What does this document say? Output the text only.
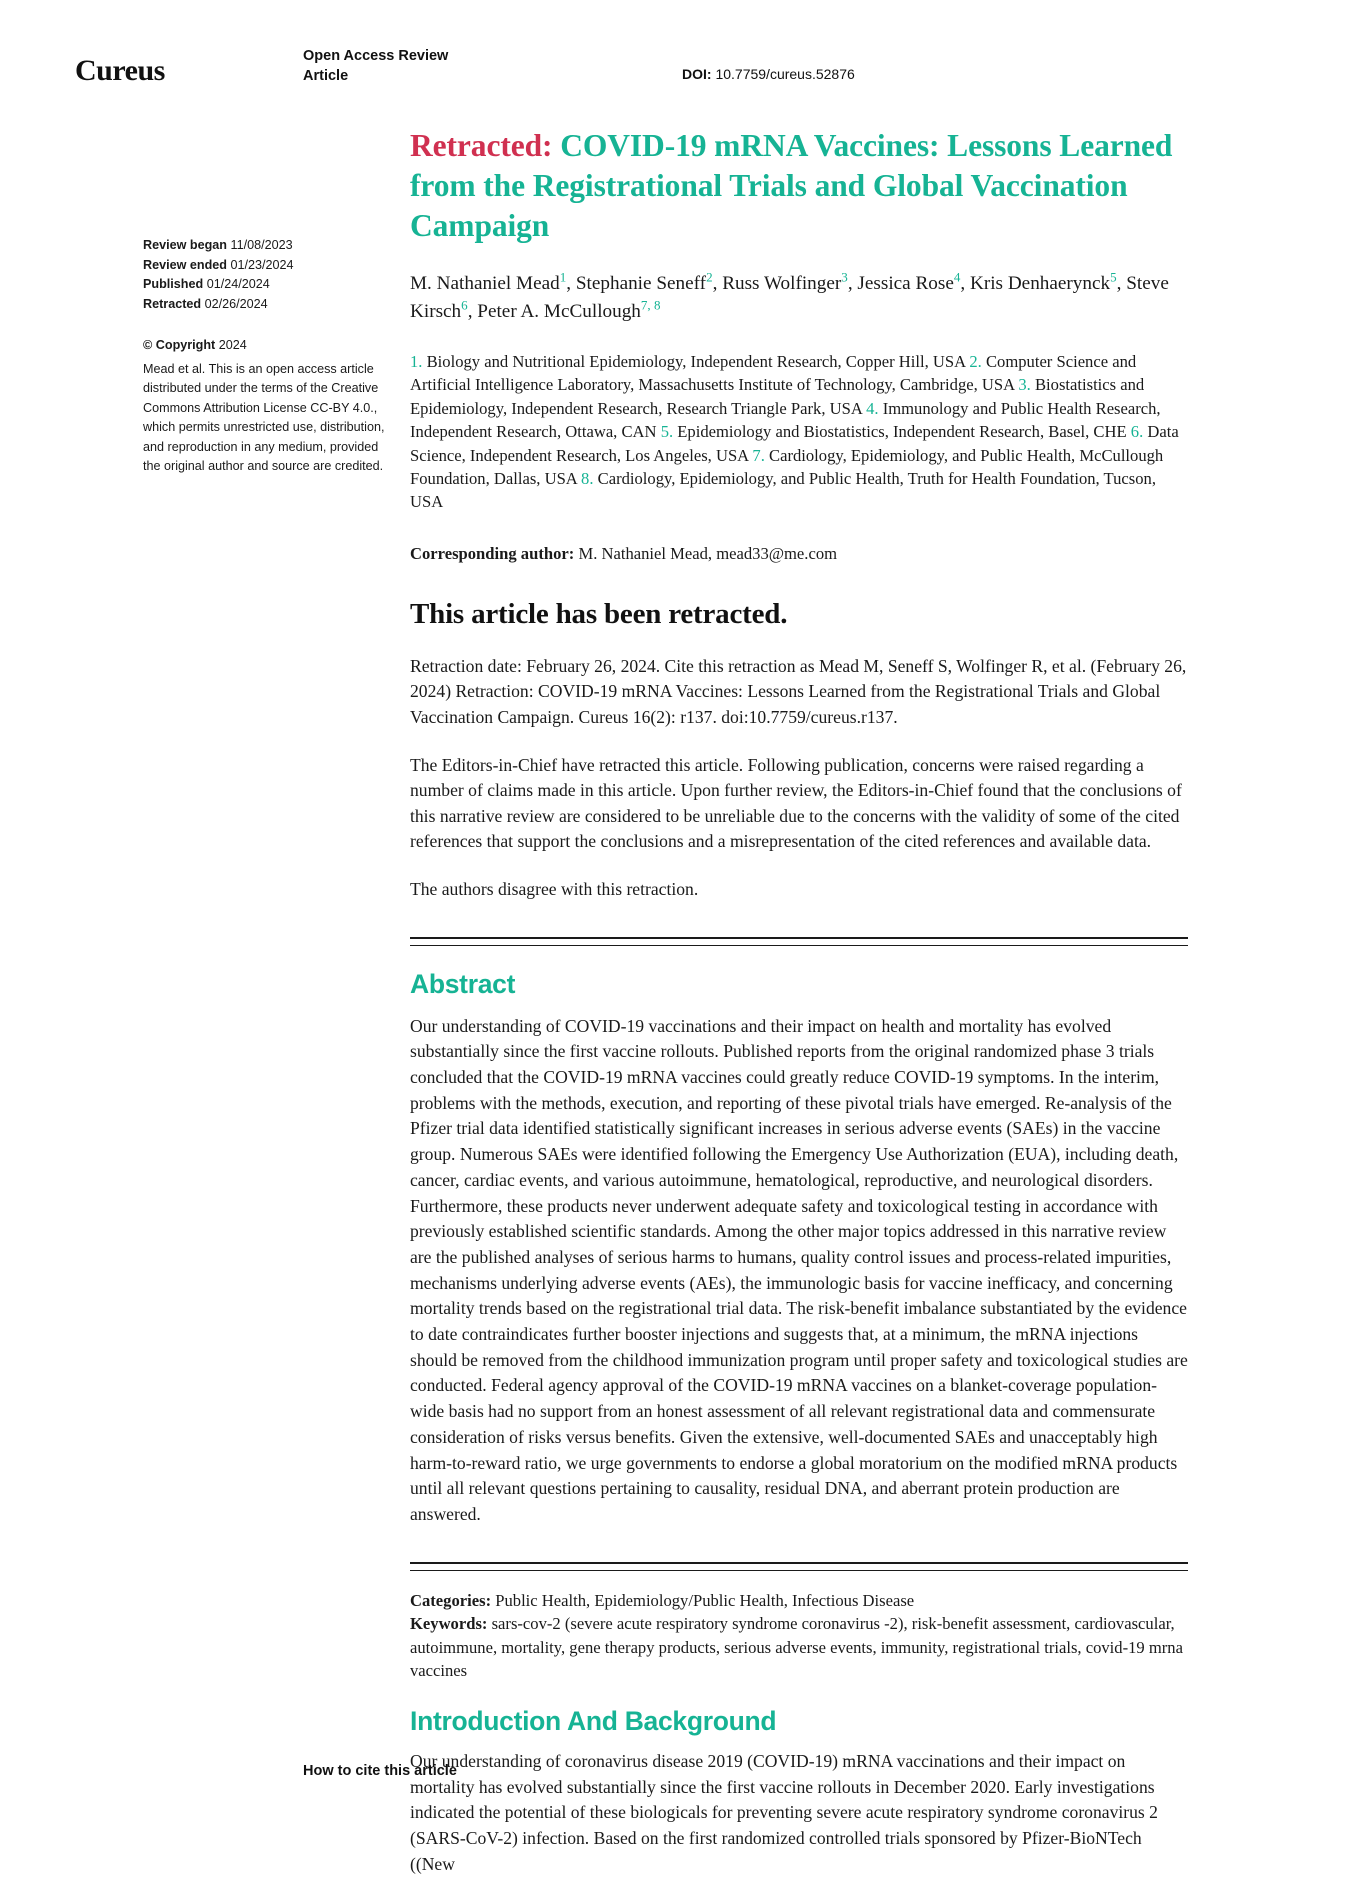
Cureus	Open Access Review Article	DOI: 10.7759/cureus.52876
Review began 11/08/2023
Review ended 01/23/2024
Published 01/24/2024
Retracted 02/26/2024
© Copyright 2024

Mead et al. This is an open access article distributed under the terms of the Creative Commons Attribution License CC-BY 4.0., which permits unrestricted use, distribution, and reproduction in any medium, provided the original author and source are credited.

Retracted: COVID-19 mRNA Vaccines: Lessons Learned from the Registrational Trials and Global Vaccination Campaign
M. Nathaniel Mead$^1$, Stephanie Seneff$^2$, Russ Wolfinger$^3$, Jessica Rose$^4$, Kris Denhaerynck$^5$, Steve Kirsch$^6$, Peter A. McCullough$^{7, 8}$
1. Biology and Nutritional Epidemiology, Independent Research, Copper Hill, USA 2. Computer Science and Artificial Intelligence Laboratory, Massachusetts Institute of Technology, Cambridge, USA 3. Biostatistics and Epidemiology, Independent Research, Research Triangle Park, USA 4. Immunology and Public Health Research, Independent Research, Ottawa, CAN 5. Epidemiology and Biostatistics, Independent Research, Basel, CHE 6. Data Science, Independent Research, Los Angeles, USA 7. Cardiology, Epidemiology, and Public Health, McCullough Foundation, Dallas, USA 8. Cardiology, Epidemiology, and Public Health, Truth for Health Foundation, Tucson, USA
Corresponding author: M. Nathaniel Mead, mead33@me.com
This article has been retracted.

Retraction date: February 26, 2024. Cite this retraction as Mead M, Seneff S, Wolfinger R, et al. (February 26, 2024) Retraction: COVID-19 mRNA Vaccines: Lessons Learned from the Registrational Trials and Global Vaccination Campaign. Cureus 16(2): r137. doi:10.7759/cureus.r137.

The Editors-in-Chief have retracted this article. Following publication, concerns were raised regarding a number of claims made in this article. Upon further review, the Editors-in-Chief found that the conclusions of this narrative review are considered to be unreliable due to the concerns with the validity of some of the cited references that support the conclusions and a misrepresentation of the cited references and available data.

The authors disagree with this retraction.

Abstract

Our understanding of COVID-19 vaccinations and their impact on health and mortality has evolved substantially since the first vaccine rollouts. Published reports from the original randomized phase 3 trials concluded that the COVID-19 mRNA vaccines could greatly reduce COVID-19 symptoms. In the interim, problems with the methods, execution, and reporting of these pivotal trials have emerged. Re-analysis of the Pfizer trial data identified statistically significant increases in serious adverse events (SAEs) in the vaccine group. Numerous SAEs were identified following the Emergency Use Authorization (EUA), including death, cancer, cardiac events, and various autoimmune, hematological, reproductive, and neurological disorders. Furthermore, these products never underwent adequate safety and toxicological testing in accordance with previously established scientific standards. Among the other major topics addressed in this narrative review are the published analyses of serious harms to humans, quality control issues and process-related impurities, mechanisms underlying adverse events (AEs), the immunologic basis for vaccine inefficacy, and concerning mortality trends based on the registrational trial data. The risk-benefit imbalance substantiated by the evidence to date contraindicates further booster injections and suggests that, at a minimum, the mRNA injections should be removed from the childhood immunization program until proper safety and toxicological studies are conducted. Federal agency approval of the COVID-19 mRNA vaccines on a blanket-coverage population-wide basis had no support from an honest assessment of all relevant registrational data and commensurate consideration of risks versus benefits. Given the extensive, well-documented SAEs and unacceptably high harm-to-reward ratio, we urge governments to endorse a global moratorium on the modified mRNA products until all relevant questions pertaining to causality, residual DNA, and aberrant protein production are answered.

Categories: Public Health, Epidemiology/Public Health, Infectious Disease
Keywords: sars-cov-2 (severe acute respiratory syndrome coronavirus -2), risk-benefit assessment, cardiovascular, autoimmune, mortality, gene therapy products, serious adverse events, immunity, registrational trials, covid-19 mrna vaccines
Introduction And Background

Our understanding of coronavirus disease 2019 (COVID-19) mRNA vaccinations and their impact on mortality has evolved substantially since the first vaccine rollouts in December 2020. Early investigations indicated the potential of these biologicals for preventing severe acute respiratory syndrome coronavirus 2 (SARS-CoV-2) infection. Based on the first randomized controlled trials sponsored by Pfizer-BioNTech ((New

How to cite this article
